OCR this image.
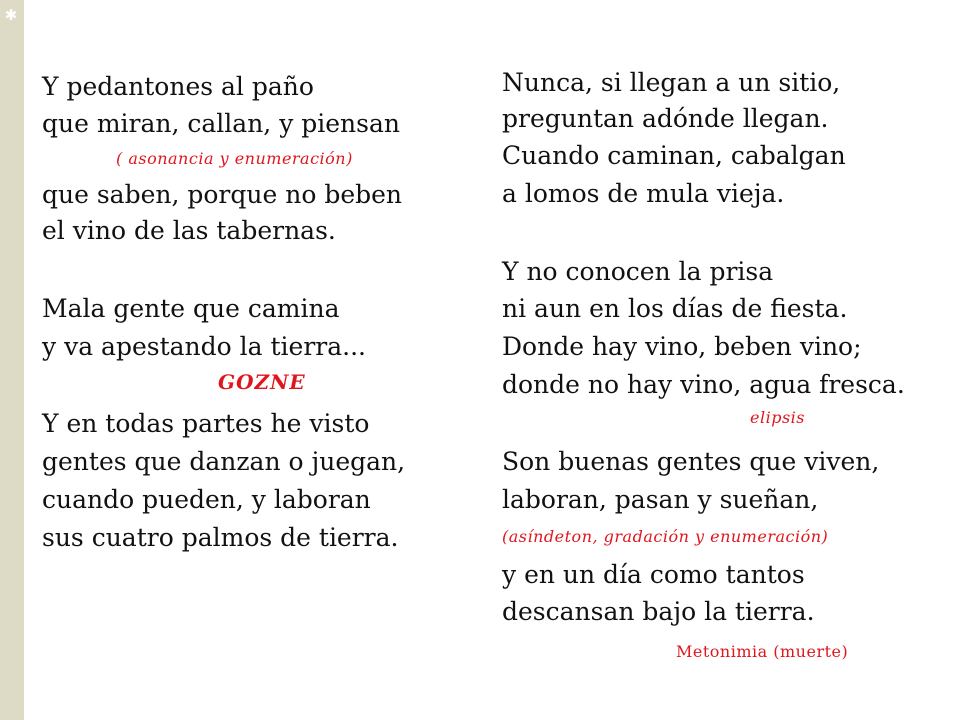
✱
Y pedantones al paño
que miran, callan, y piensan
( asonancia y enumeración)
que saben, porque no beben
el vino de las tabernas.
Mala gente que camina
y va apestando la tierra...
GOZNE
Y en todas partes he visto
gentes que danzan o juegan,
cuando pueden, y laboran
sus cuatro palmos de tierra.
Nunca, si llegan a un sitio,
preguntan adónde llegan.
Cuando caminan, cabalgan
a lomos de mula vieja.
Y no conocen la prisa
ni aun en los días de fiesta.
Donde hay vino, beben vino;
donde no hay vino, agua fresca.
elipsis
Son buenas gentes que viven,
laboran, pasan y sueñan,
(asíndeton, gradación y enumeración)
y en un día como tantos
descansan bajo la tierra.
Metonimia (muerte)
